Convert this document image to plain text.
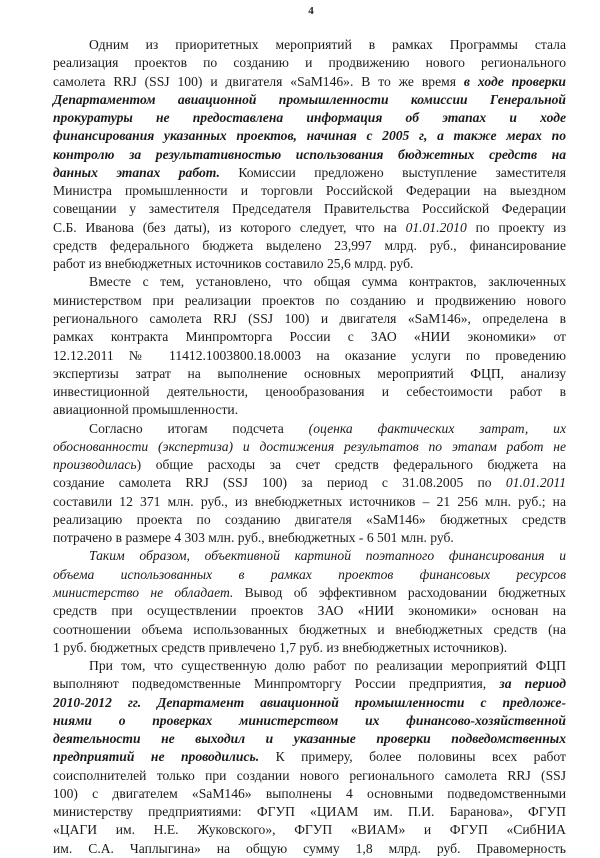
4
Одним из приоритетных мероприятий в рамках Программы стала
реализация проектов по созданию и продвижению нового регионального
самолета RRJ (SSJ 100) и двигателя «SaM146». В то же время в ходе проверки
Департаментом авиационной промышленности комиссии Генеральной
прокуратуры не предоставлена информация об этапах и ходе
финансирования указанных проектов, начиная с 2005 г, а также мерах по
контролю за результативностью использования бюджетных средств на
данных этапах работ. Комиссии предложено выступление заместителя
Министра промышленности и торговли Российской Федерации на выездном
совещании у заместителя Председателя Правительства Российской Федерации
С.Б. Иванова (без даты), из которого следует, что на 01.01.2010 по проекту из
средств федерального бюджета выделено 23,997 млрд. руб., финансирование
работ из внебюджетных источников составило 25,6 млрд. руб.
Вместе с тем, установлено, что общая сумма контрактов, заключенных
министерством при реализации проектов по созданию и продвижению нового
регионального самолета RRJ (SSJ 100) и двигателя «SaM146», определена в
рамках контракта Минпромторга России с ЗАО «НИИ экономики» от
12.12.2011 № 11412.1003800.18.0003 на оказание услуги по проведению
экспертизы затрат на выполнение основных мероприятий ФЦП, анализу
инвестиционной деятельности, ценообразования и себестоимости работ в
авиационной промышленности.
Согласно итогам подсчета (оценка фактических затрат, их
обоснованности (экспертиза) и достижения результатов по этапам работ не
производилась) общие расходы за счет средств федерального бюджета на
создание самолета RRJ (SSJ 100) за период с 31.08.2005 по 01.01.2011
составили 12 371 млн. руб., из внебюджетных источников – 21 256 млн. руб.; на
реализацию проекта по созданию двигателя «SaM146» бюджетных средств
потрачено в размере 4 303 млн. руб., внебюджетных - 6 501 млн. руб.
Таким образом, объективной картиной поэтапного финансирования и
объема использованных в рамках проектов финансовых ресурсов
министерство не обладает. Вывод об эффективном расходовании бюджетных
средств при осуществлении проектов ЗАО «НИИ экономики» основан на
соотношении объема использованных бюджетных и внебюджетных средств (на
1 руб. бюджетных средств привлечено 1,7 руб. из внебюджетных источников).
При том, что существенную долю работ по реализации мероприятий ФЦП
выполняют подведомственные Минпромторгу России предприятия, за период
2010-2012 гг. Департамент авиационной промышленности с предложе-
ниями о проверках министерством их финансово-хозяйственной
деятельности не выходил и указанные проверки подведомственных
предприятий не проводились. К примеру, более половины всех работ
соисполнителей только при создании нового регионального самолета RRJ (SSJ
100) с двигателем «SaM146» выполнены 4 основными подведомственными
министерству предприятиями: ФГУП «ЦИАМ им. П.И. Баранова», ФГУП
«ЦАГИ им. Н.Е. Жуковского», ФГУП «ВИАМ» и ФГУП «СибНИА
им. С.А. Чаплыгина» на общую сумму 1,8 млрд. руб. Правомерность
